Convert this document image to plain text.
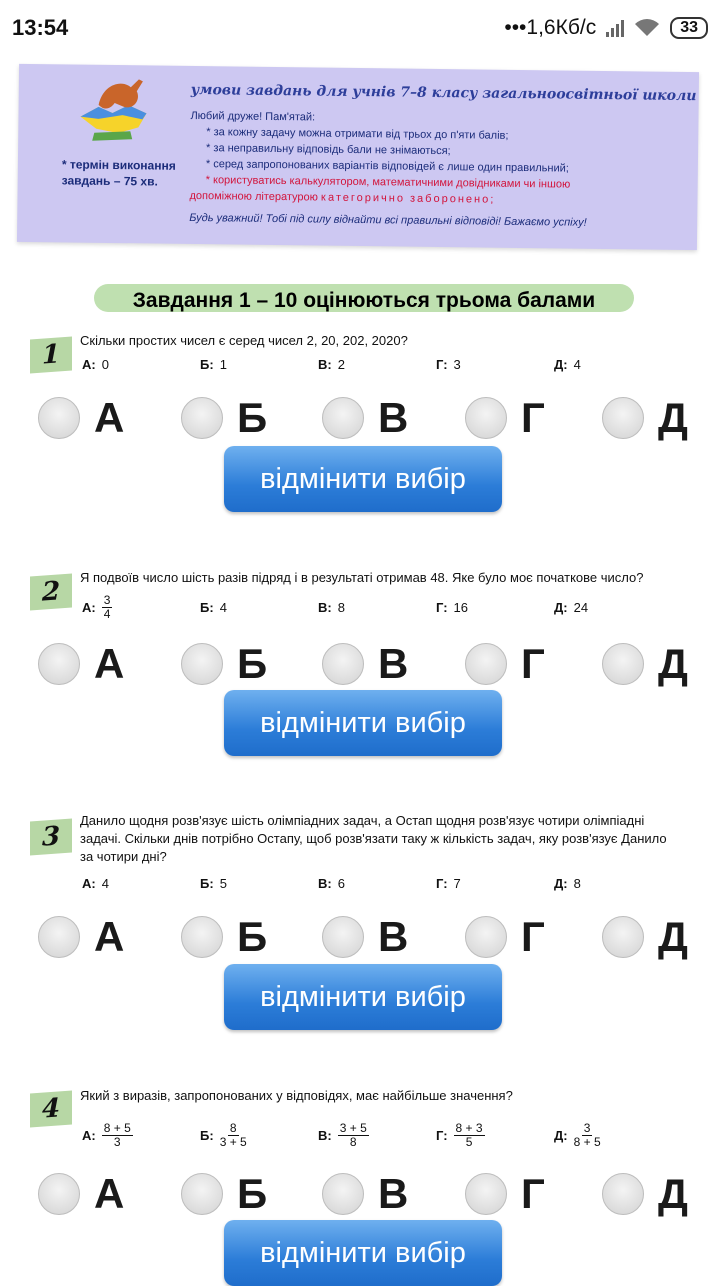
13:54	•••1,6Кб/с	33
* термін виконання завдань – 75 хв.
умови завдань для учнів 7–8 класу загальноосвітньої школи
Любий друже! Пам'ятай:
* за кожну задачу можна отримати від трьох до п'яти балів;
* за неправильну відповідь бали не знімаються;
* серед запропонованих варіантів відповідей є лише один правильний;
* користуватись калькулятором, математичними довідниками чи іншою
допоміжною літературою категорично заборонено;
Будь уважний! Тобі під силу віднайти всі правильні відповіді! Бажаємо успіху!
Завдання 1 – 10 оцінюються трьома балами
1	Скільки простих чисел є серед чисел 2, 20, 202, 2020?
А: 0	Б: 1	В: 2	Г: 3	Д: 4
А	Б	В	Г	Д
відмінити вибір
2	Я подвоїв число шість разів підряд і в результаті отримав 48. Яке було моє початкове число?
А: $\frac{3}{4}$	Б: 4	В: 8	Г: 16	Д: 24
А	Б	В	Г	Д
відмінити вибір
3
Данило щодня розв'язує шість олімпіадних задач, а Остап щодня розв'язує чотири олімпіадні задачі. Скільки днів потрібно Остапу, щоб розв'язати таку ж кількість задач, яку розв'язує Данило за чотири дні?
А: 4	Б: 5	В: 6	Г: 7	Д: 8
А	Б	В	Г	Д
відмінити вибір
4	Який з виразів, запропонованих у відповідях, має найбільше значення?
А: $\frac{8 + 5}{3}$	Б: $\frac{8}{3 + 5}$	В: $\frac{3 + 5}{8}$	Г: $\frac{8 + 3}{5}$	Д: $\frac{3}{8 + 5}$
А	Б	В	Г	Д
відмінити вибір
